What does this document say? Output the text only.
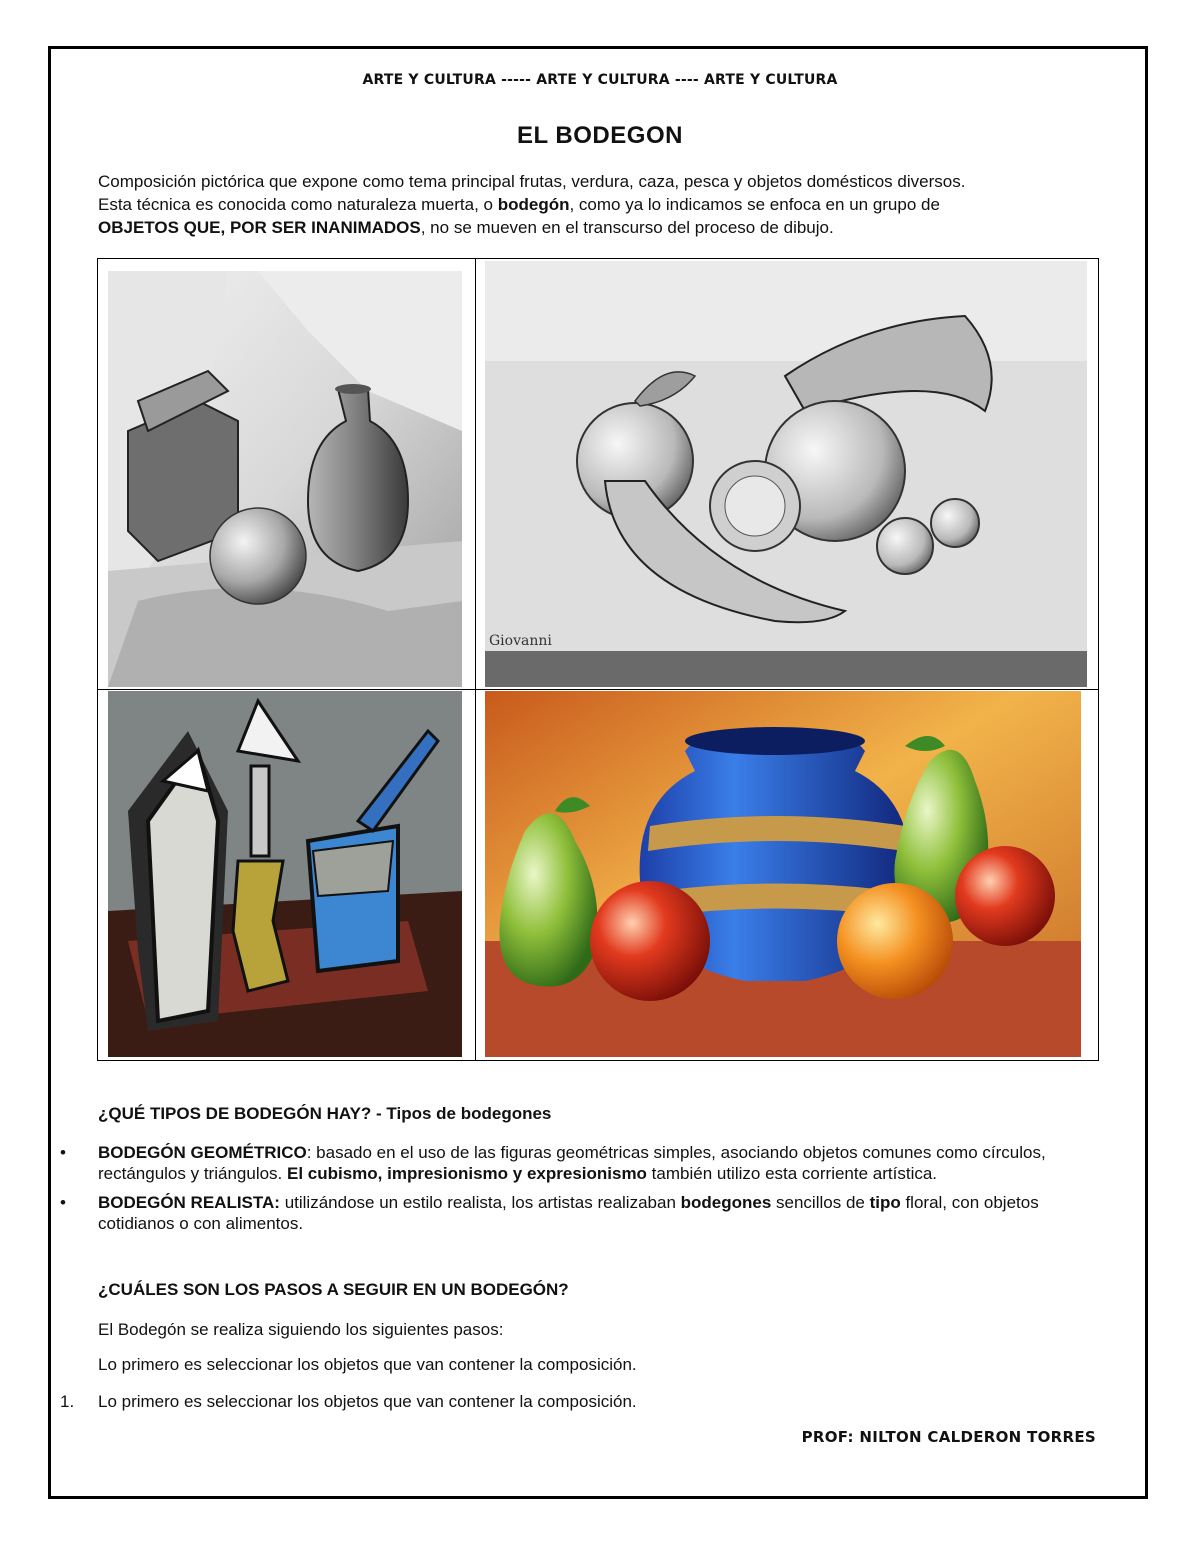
ARTE Y CULTURA ----- ARTE Y CULTURA ---- ARTE Y CULTURA
EL BODEGON
Composición pictórica que expone como tema principal frutas, verdura, caza, pesca y objetos domésticos diversos.
Esta técnica es conocida como naturaleza muerta, o bodegón, como ya lo indicamos se enfoca en un grupo de
OBJETOS QUE, POR SER INANIMADOS, no se mueven en el transcurso del proceso de dibujo.
Giovanni
¿QUÉ TIPOS DE BODEGÓN HAY? - Tipos de bodegones
• BODEGÓN GEOMÉTRICO: basado en el uso de las figuras geométricas simples, asociando objetos comunes como círculos, rectángulos y triángulos. El cubismo, impresionismo y expresionismo también utilizo esta corriente artística.
• BODEGÓN REALISTA: utilizándose un estilo realista, los artistas realizaban bodegones sencillos de tipo floral, con objetos cotidianos o con alimentos.
¿CUÁLES SON LOS PASOS A SEGUIR EN UN BODEGÓN?
El Bodegón se realiza siguiendo los siguientes pasos:
Lo primero es seleccionar los objetos que van contener la composición.
1. Lo primero es seleccionar los objetos que van contener la composición.
PROF: NILTON CALDERON TORRES
